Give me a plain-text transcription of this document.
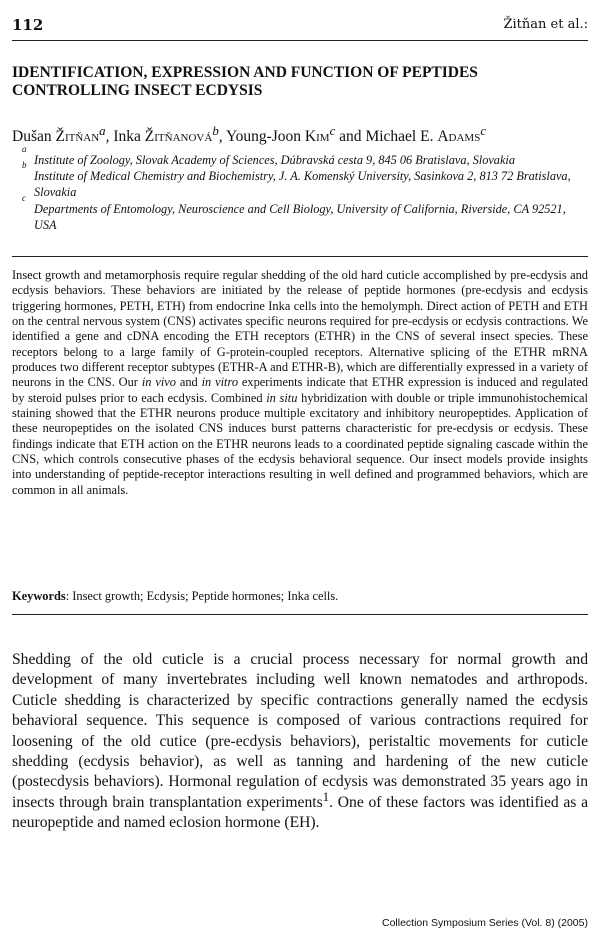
112	Žitňan et al.:
IDENTIFICATION, EXPRESSION AND FUNCTION OF PEPTIDES CONTROLLING INSECT ECDYSIS
Dušan Žitňan$^a$, Inka Žitňanová$^b$, Young-Joon Kim$^c$ and Michael E. Adams$^c$
a
Institute of Zoology, Slovak Academy of Sciences, Dúbravská cesta 9, 845 06 Bratislava, Slovakia
b
Institute of Medical Chemistry and Biochemistry, J. A. Komenský University, Sasinkova 2, 813 72 Bratislava, Slovakia
c
Departments of Entomology, Neuroscience and Cell Biology, University of California, Riverside, CA 92521, USA

Insect growth and metamorphosis require regular shedding of the old hard cuticle accomplished by pre-ecdysis and ecdysis behaviors. These behaviors are initiated by the release of peptide hormones (pre-ecdysis and ecdysis triggering hormones, PETH, ETH) from endocrine Inka cells into the hemolymph. Direct action of PETH and ETH on the central nervous system (CNS) activates specific neurons required for pre-ecdysis or ecdysis contractions. We identified a gene and cDNA encoding the ETH receptors (ETHR) in the CNS of several insect species. These receptors belong to a large family of G-protein-coupled receptors. Alternative splicing of the ETHR mRNA produces two different receptor subtypes (ETHR-A and ETHR-B), which are differentially expressed in a variety of neurons in the CNS. Our in vivo and in vitro experiments indicate that ETHR expression is induced and regulated by steroid pulses prior to each ecdysis. Combined in situ hybridization with double or triple immunohistochemical staining showed that the ETHR neurons produce multiple excitatory and inhibitory neuropeptides. Application of these neuropeptides on the isolated CNS induces burst patterns characteristic for pre-ecdysis or ecdysis. These findings indicate that ETH action on the ETHR neurons leads to a coordinated peptide signaling cascade within the CNS, which controls consecutive phases of the ecdysis behavioral sequence. Our insect models provide insights into understanding of peptide-receptor interactions resulting in well defined and programmed behaviors, which are common in all animals.

Keywords: Insect growth; Ecdysis; Peptide hormones; Inka cells.

Shedding of the old cuticle is a crucial process necessary for normal growth and development of many invertebrates including well known nematodes and arthropods. Cuticle shedding is characterized by specific contractions generally named the ecdysis behavioral sequence. This sequence is composed of various contractions required for loosening of the old cutice (pre-ecdysis behaviors), peristaltic movements for cuticle shedding (ecdysis behavior), as well as tanning and hardening of the new cuticle (postecdysis behaviors). Hormonal regulation of ecdysis was demonstrated 35 years ago in insects through brain transplantation experiments$^1$. One of these factors was identified as a neuropeptide and named eclosion hormone (EH).

Collection Symposium Series (Vol. 8) (2005)
